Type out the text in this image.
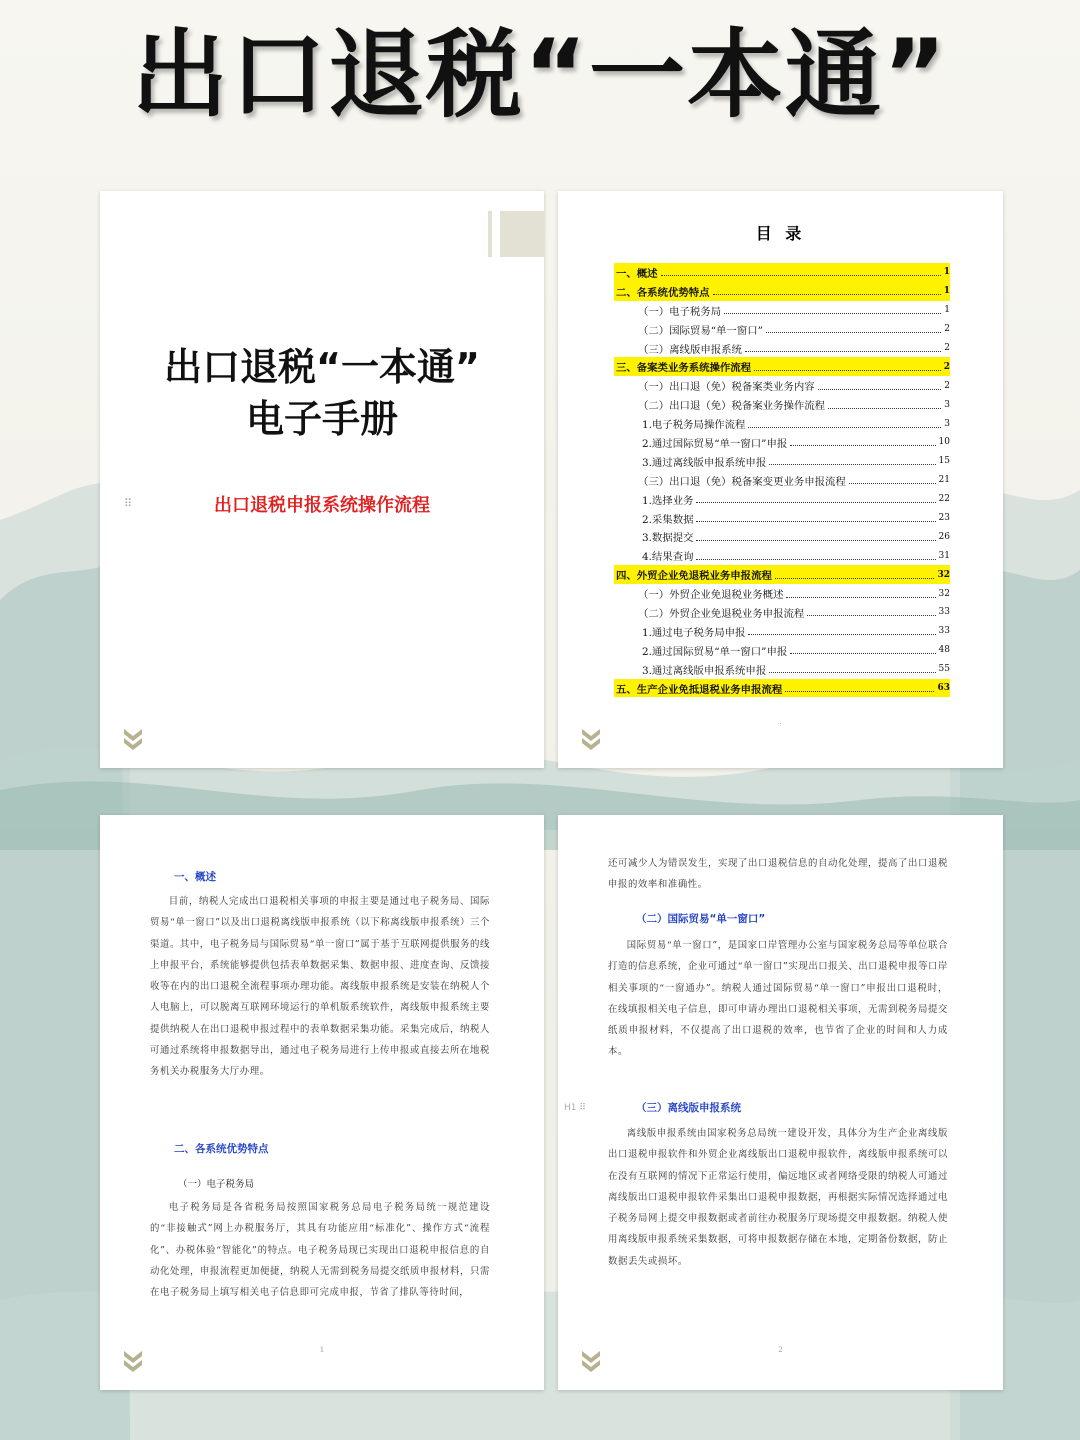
出口退税“一本通”
出口退税“一本通”
电子手册
⠿	出口退税申报系统操作流程
目 录
一、概述	1
二、各系统优势特点	1
（一）电子税务局	1
（二）国际贸易“单一窗口”	2
（三）离线版申报系统	2
三、备案类业务系统操作流程	2
（一）出口退（免）税备案类业务内容	2
（二）出口退（免）税备案业务操作流程	3
1.电子税务局操作流程	3
2.通过国际贸易“单一窗口”申报	10
3.通过离线版申报系统申报	15
（三）出口退（免）税备案变更业务申报流程	21
1.选择业务	22
2.采集数据	23
3.数据提交	26
4.结果查询	31
四、外贸企业免退税业务申报流程	32
（一）外贸企业免退税业务概述	32
（二）外贸企业免退税业务申报流程	33
1.通过电子税务局申报	33
2.通过国际贸易“单一窗口”申报	48
3.通过离线版申报系统申报	55
五、生产企业免抵退税业务申报流程	63
·
一、概述
目前，纳税人完成出口退税相关事项的申报主要是通过电子税务局、国际贸易“单一窗口”以及出口退税离线版申报系统（以下称离线版申报系统）三个渠道。其中，电子税务局与国际贸易“单一窗口”属于基于互联网提供服务的线上申报平台，系统能够提供包括表单数据采集、数据申报、进度查询、反馈接收等在内的出口退税全流程事项办理功能。离线版申报系统是安装在纳税人个人电脑上，可以脱离互联网环境运行的单机版系统软件，离线版申报系统主要提供纳税人在出口退税申报过程中的表单数据采集功能。采集完成后，纳税人可通过系统将申报数据导出，通过电子税务局进行上传申报或直接去所在地税务机关办税服务大厅办理。
二、各系统优势特点
（一）电子税务局
电子税务局是各省税务局按照国家税务总局电子税务局统一规范建设的“非接触式”网上办税服务厅，其具有功能应用“标准化”、操作方式“流程化”、办税体验“智能化”的特点。电子税务局现已实现出口退税申报信息的自动化处理，申报流程更加便捷，纳税人无需到税务局提交纸质申报材料，只需在电子税务局上填写相关电子信息即可完成申报，节省了排队等待时间，
1
还可减少人为错误发生，实现了出口退税信息的自动化处理，提高了出口退税申报的效率和准确性。
（二）国际贸易“单一窗口”
国际贸易“单一窗口”，是国家口岸管理办公室与国家税务总局等单位联合打造的信息系统，企业可通过“单一窗口”实现出口报关、出口退税申报等口岸相关事项的“一窗通办”。纳税人通过国际贸易“单一窗口”申报出口退税时，在线填报相关电子信息，即可申请办理出口退税相关事项，无需到税务局提交纸质申报材料，不仅提高了出口退税的效率，也节省了企业的时间和人力成本。
H1 ⠿	（三）离线版申报系统
离线版申报系统由国家税务总局统一建设开发，具体分为生产企业离线版出口退税申报软件和外贸企业离线版出口退税申报软件，离线版申报系统可以在没有互联网的情况下正常运行使用，偏远地区或者网络受限的纳税人可通过离线版出口退税申报软件采集出口退税申报数据，再根据实际情况选择通过电子税务局网上提交申报数据或者前往办税服务厅现场提交申报数据。纳税人使用离线版申报系统采集数据，可将申报数据存储在本地，定期备份数据，防止数据丢失或损坏。
2
